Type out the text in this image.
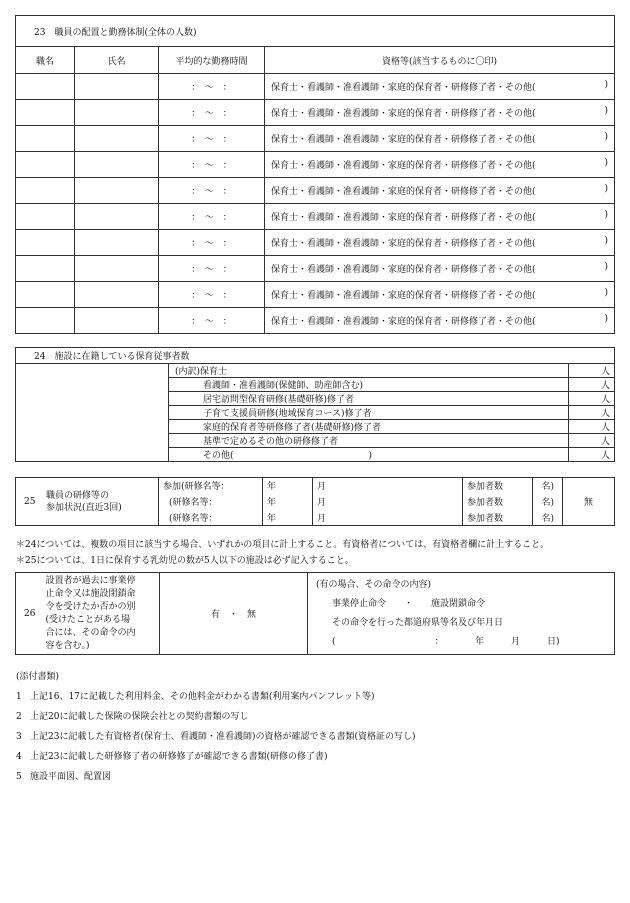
23　職員の配置と勤務体制(全体の人数)			
職名	氏名	平均的な勤務時間	資格等(該当するものに〇印)
		：　～　：	保育士・看護師・准看護師・家庭的保育者・研修修了者・その他( )

		：　～　：	保育士・看護師・准看護師・家庭的保育者・研修修了者・その他( )

		：　～　：	保育士・看護師・准看護師・家庭的保育者・研修修了者・その他( )

		：　～　：	保育士・看護師・准看護師・家庭的保育者・研修修了者・その他( )

		：　～　：	保育士・看護師・准看護師・家庭的保育者・研修修了者・その他( )

		：　～　：	保育士・看護師・准看護師・家庭的保育者・研修修了者・その他( )

		：　～　：	保育士・看護師・准看護師・家庭的保育者・研修修了者・その他( )

		：　～　：	保育士・看護師・准看護師・家庭的保育者・研修修了者・その他( )

		：　～　：	保育士・看護師・准看護師・家庭的保育者・研修修了者・その他( )

		：　～　：	保育士・看護師・准看護師・家庭的保育者・研修修了者・その他( )
24　施設に在籍している保育従事者数		
	(内訳)保育士	人
	看護師・准看護師(保健師、助産師含む)	人
	居宅訪問型保育研修(基礎研修)修了者	人
	子育て支援員研修(地域保育コース)修了者	人
	家庭的保育者等研修修了者(基礎研修)修了者	人
	基準で定めるその他の研修修了者	人
	その他(　　　　　　　　　　　　　　　)	人
25職員の研修等の
参加状況(直近3回)	参加(研修名等：	年	月	参加者数	名)	無
	(研修名等：	年	月	参加者数	名)	
	(研修名等：	年	月	参加者数	名)	
＊24については、複数の項目に該当する場合、いずれかの項目に計上すること。有資格者については、有資格者欄に計上すること。
＊25については、1日に保育する乳幼児の数が5人以下の施設は必ず記入すること。
26	
設置者が過去に事業停
止命令又は施設閉鎖命
令を受けたか否かの別
(受けたことがある場
合には、その命令の内
容を含む。)
	有　・　無	
(有の場合、その命令の内容)
事業停止命令　　・　　施設閉鎖命令
その命令を行った都道府県等名及び年月日
(　　　　　　　　　　　：　　　　年　　　月　　　日)
(添付書類)
1 上記16、17に記載した利用料金、その他料金がわかる書類(利用案内パンフレット等)
2 上記20に記載した保険の保険会社との契約書類の写し
3 上記23に記載した有資格者(保育士、看護師・准看護師)の資格が確認できる書類(資格証の写し)
4 上記23に記載した研修修了者の研修修了が確認できる書類(研修の修了書)
5 施設平面図、配置図
